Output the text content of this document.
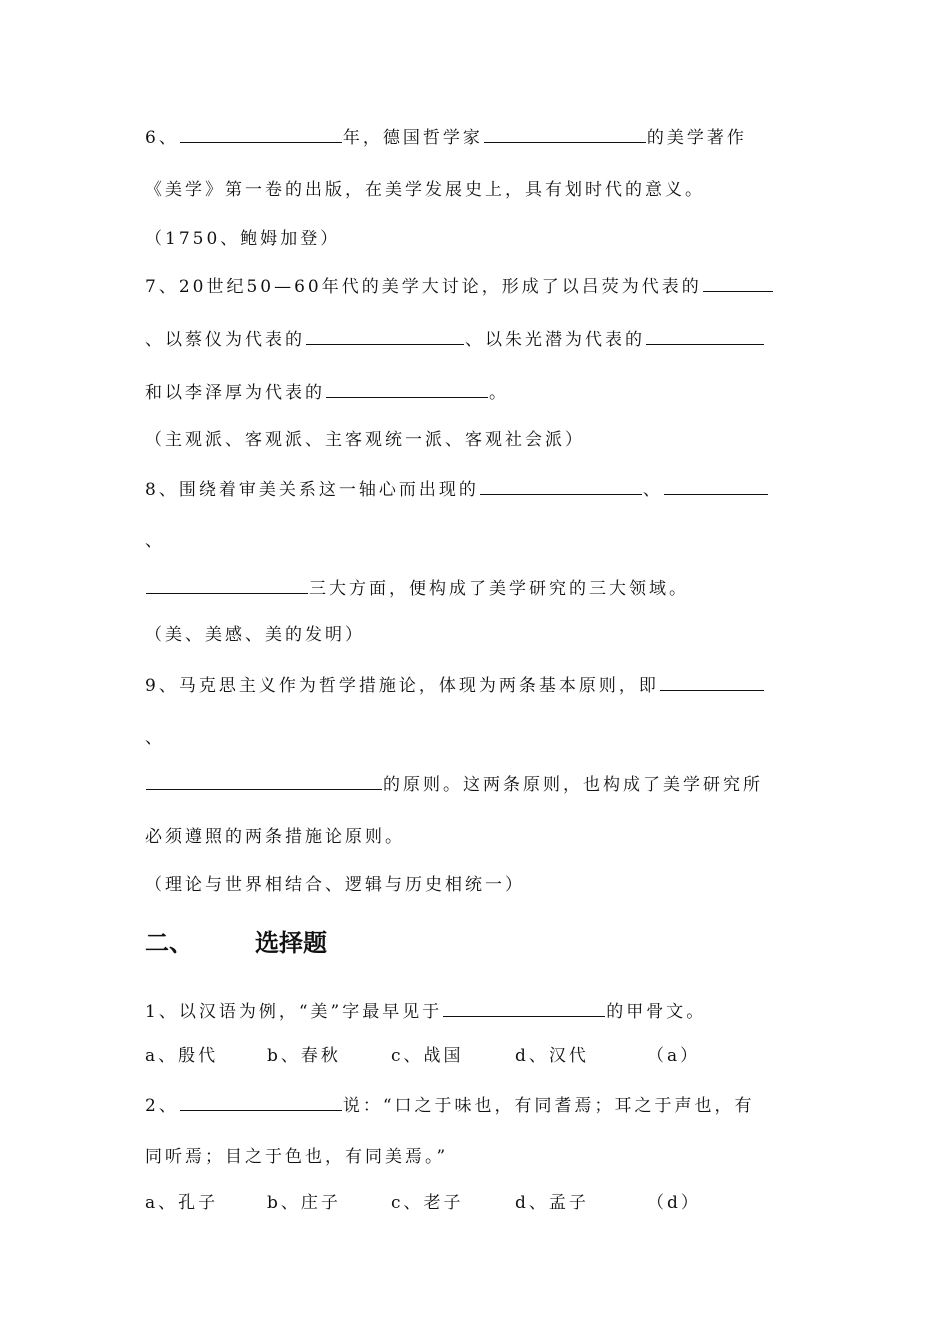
6、	年，德国哲学家	的美学著作
《美学》第一卷的出版，在美学发展史上，具有划时代的意义。
（1750、鲍姆加登）
7、20世纪50—60年代的美学大讨论，形成了以吕荧为代表的
、以蔡仪为代表的	、以朱光潜为代表的
和以李泽厚为代表的	。
（主观派、客观派、主客观统一派、客观社会派）
8、围绕着审美关系这一轴心而出现的	、
、
三大方面，便构成了美学研究的三大领域。
（美、美感、美的发明）
9、马克思主义作为哲学措施论，体现为两条基本原则，即
、
的原则。这两条原则，也构成了美学研究所
必须遵照的两条措施论原则。
（理论与世界相结合、逻辑与历史相统一）
二、	选择题
1、以汉语为例，“美”字最早见于	的甲骨文。
a、殷代	b、春秋	c、战国	d、汉代	（a）
2、	说：“口之于味也，有同耆焉；耳之于声也，有
同听焉；目之于色也，有同美焉。”
a、孔子	b、庄子	c、老子	d、孟子	（d）
